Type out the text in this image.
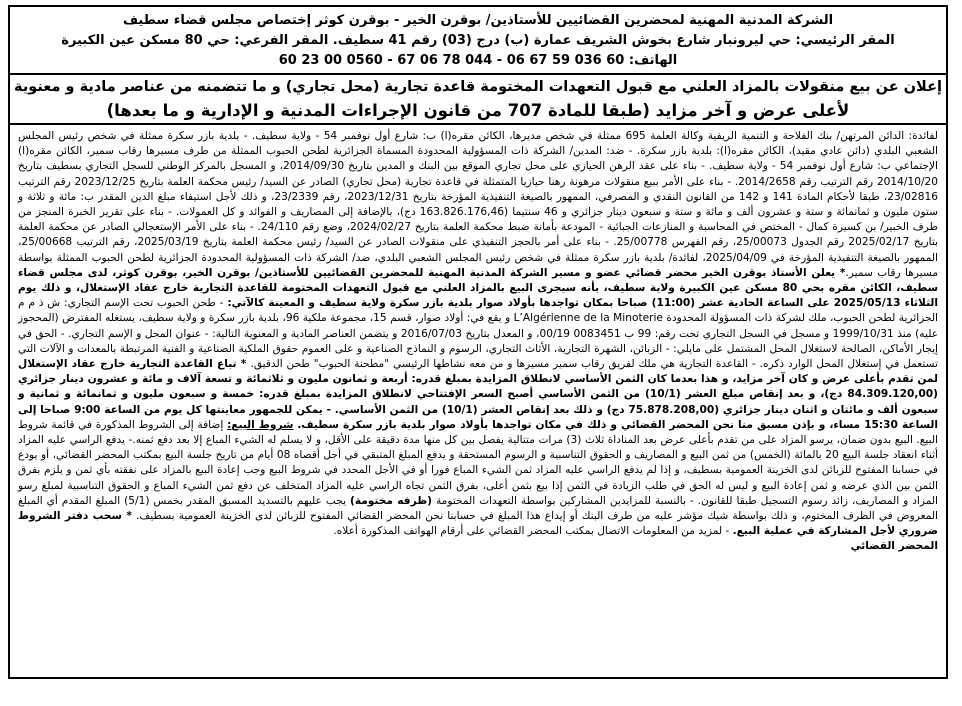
الشركة المدنية المهنية لمحضرين القضائيين للأستاذين/ بوقرن الخير - بوقرن كوثر إختصاص مجلس قضاء سطيف
المقر الرئيسي: حي ليرونبار شارع بخوش الشريف عمارة (ب) درج (03) رقم 41 سطيف. المقر الفرعي: حي 80 مسكن عين الكبيرة
الهاتف: 60 036 59 67 06 - 044 78 06 67 - 0560 00 23 60
إعلان عن بيع منقولات بالمزاد العلني مع قبول التعهدات المختومة قاعدة تجارية (محل تجاري) و ما تتضمنه من عناصر مادية و معنوية
لأعلى عرض و آخر مزايد (طبقا للمادة 707 من قانون الإجراءات المدنية و الإدارية و ما بعدها)

لفائدة: الدائن المرتهن/ بنك الفلاحة و التنمية الريفية وكالة العلمة 695 ممثلة في شخص مديرها، الكائن مقره(ا) ب: شارع أول نوفمبر 54 - ولاية سطيف. - بلدية بازر سكرة ممثلة في شخص رئيس المجلس الشعبي البلدي (دائن عادي مقيد)، الكائن مقره(ا): بلدية بازر سكرة. - ضد: المدين/ الشركة ذات المسؤولية المحدودة المسماة الجزائرية لطحن الحبوب الممثلة من طرف مسيرها رقاب سمير، الكائن مقره(ا) الإجتماعي ب: شارع أول نوفمبر 54 - ولاية سطيف. - بناء على عقد الرهن الحيازي على محل تجاري الموقع بين البنك و المدين بتاريخ 2014/09/30، و المسجل بالمركز الوطني للسجل التجاري بسطيف بتاريخ 2014/10/20 رقم الترتيب رقم 2014/2658. - بناء على الأمر ببيع منقولات مرهونة رهنا حيازيا المتمثلة في قاعدة تجارية (محل تجاري) الصادر عن السيد/ رئيس محكمة العلمة بتاريخ 2023/12/25 رقم الترتيب 23/02816، طبقا لأحكام المادة 141 و 142 من القانون النقدي و المصرفي، الممهور بالصيغة التنفيذية المؤرخة بتاريخ 2023/12/31، رقم 23/2339، و ذلك لأجل استيفاء مبلغ الدين المقدر ب: مائة و ثلاثة و ستون مليون و ثمانمائة و ستة و عشرون ألف و مائة و ستة و سبعون دينار جزائري و 46 سنتيما (163.826.176,46 دج)، بالإضافة إلى المصاريف و الفوائد و كل العمولات. - بناء على تقرير الخبرة المنجز من طرف الخبير/ بن كسيرة كمال - المختص في المحاسبة و المنازعات الجبائية - المودعة بأمانة ضبط محكمة العلمة بتاريخ 2024/02/27، وضع رقم 24/110. - بناء على الأمر الإستعجالي الصادر عن محكمة العلمة بتاريخ 2025/02/17 رقم الجدول 25/00073، رقم الفهرس 25/00778. - بناء على أمر بالحجز التنفيذي على منقولات الصادر عن السيد/ رئيس محكمة العلمة بتاريخ 2025/03/19، رقم الترتيب 25/00668، الممهور بالصيغة التنفيذية المؤرخة في 2025/04/09، لفائدة/ بلدية بازر سكرة ممثلة في شخص رئيس المجلس الشعبي البلدي، ضد/ الشركة ذات المسؤولية المحدودة الجزائرية لطحن الحبوب الممثلة بواسطة مسيرها رقاب سمير.* يعلن الأستاذ بوقرن الخير محضر قضائي عضو و مسير الشركة المدنية المهنية للمحضرين القضائيين للأستاذين/ بوقرن الخير، بوقرن كوثر، لدى مجلس قضاء سطيف، الكائن مقره بحي 80 مسكن عين الكبيرة ولاية سطيف، بأنه سيجرى البيع بالمزاد العلني مع قبول التعهدات المختومة للقاعدة التجارية خارج عقاد الإستغلال، و ذلك يوم الثلاثاء 2025/05/13 على الساعة الحادية عشر (11:00) صباحا بمكان تواجدها بأولاد صوار بلدية بازر سكرة ولاية سطيف و المعينة كالآتي: - طحن الحبوب تحت الإسم التجاري: ش ذ م م الجزائرية لطحن الحبوب، ملك لشركة ذات المسؤولة المحدودة L’Algérienne de la Minoterie و يقع في: أولاد صوار، قسم 15، مجموعة ملكية 96، بلدية بازر سكرة و ولاية سطيف، يستغله المفترض (المحجوز عليه) منذ 1999/10/31 و مسجل في السجل التجاري تحت رقم: 99 ب 0083451 00/19، و المعدل بتاريخ 2016/07/03 و يتضمن العناصر المادية و المعنوية التالية: - عنوان المحل و الإسم التجاري. - الحق في إيجار الأماكن، الصالحة لاستغلال المحل المشتمل على مايلي: - الزبائن، الشهرة التجارية، الأثاث التجاري، الرسوم و النماذج الصناعية و على العموم حقوق الملكية الصناعية و الفنية المرتبطة بالمعدات و الآلات التي تستعمل في إستغلال المحل الوارد ذكره. - القاعدة التجارية هي ملك لفريق رقاب سمير مسيرها و من معه نشاطها الرئيسي "مطحنة الحبوب" طحن الدقيق. * تباع القاعدة التجارية خارج عقاد الإستغلال لمن تقدم بأعلى عرض و كان آخر مزايد، و هذا بعدما كان الثمن الأساسي لانطلاق المزايدة بمبلغ قدره: أربعة و ثمانون مليون و ثلاثمائة و تسعة آلاف و مائة و عشرون دينار جزائري (84.309.120,00 دج)، و بعد إنقاص مبلغ العشر (10/1) من الثمن الأساسي أصبح السعر الإفتتاحي لانطلاق المزايدة بمبلغ قدره: خمسة و سبعون مليون و ثمانمائة و ثمانية و سبعون ألف و مائتان و اثنان دينار جزائري (75.878.208,00 دج) و ذلك بعد إنقاص العشر (10/1) من الثمن الأساسي. - يمكن للجمهور معاينتها كل يوم من الساعة 9:00 صباحا إلى الساعة 15:30 مساء، و بإذن مسبق منا نحن المحضر القضائي و ذلك في مكان تواجدها بأولاد صوار بلدية بازر سكرة سطيف. شروط البيع: إضافة إلى الشروط المذكورة في قائمة شروط البيع. البيع بدون ضمان، يرسو المزاد على من تقدم بأعلى عرض بعد المناداة ثلاث (3) مرات متتالية يفصل بين كل منها مدة دقيقة على الأقل، و لا يسلم له الشيء المباع إلا بعد دفع ثمنه.- يدفع الراسي عليه المزاد أثناء انعقاد جلسة البيع 20 بالمائة (الخمس) من ثمن البيع و المصاريف و الحقوق التناسبية و الرسوم المستحقة و يدفع المبلغ المتبقي في أجل أقصاه 08 أيام من تاريخ جلسة البيع بمكتب المحضر القضائي، أو يودع في حسابنا المفتوح للزبائن لدى الخزينة العمومية بسطيف، و إذا لم يدفع الراسي عليه المزاد ثمن الشيء المباع فورا أو في الأجل المحدد في شروط البيع وجب إعادة البيع بالمزاد على نفقته بأي ثمن و يلزم بفرق الثمن بين الذي عرضه و ثمن إعادة البيع و ليس له الحق في طلب الزيادة في الثمن إذا بيع بثمن أعلى، بفرق الثمن تجاه الراسي عليه المزاد المتخلف عن دفع ثمن الشيء المباع و الحقوق التناسبية لمبلغ رسو المزاد و المصاريف، زائد رسوم التسجيل طبقا للقانون. - بالنسبة للمزايدين المشاركين بواسطة التعهدات المختومة (ظرفه مختومة) يجب عليهم بالتسديد المسبق المقدر بخمس (5/1) المبلغ المقدم أي المبلغ المعروض في الظرف المختوم، و ذلك بواسطة شيك مؤشر عليه من طرف البنك أو إيداع هذا المبلغ في حسابنا نحن المحضر القضائي المفتوح للزبائن لدى الخزينة العمومية بسطيف. * سحب دفتر الشروط ضروري لأجل المشاركة في عملية البيع. - لمزيد من المعلومات الاتصال بمكتب المحضر القضائي على أرقام الهواتف المذكورة أعلاه.

المحضر القضائي
